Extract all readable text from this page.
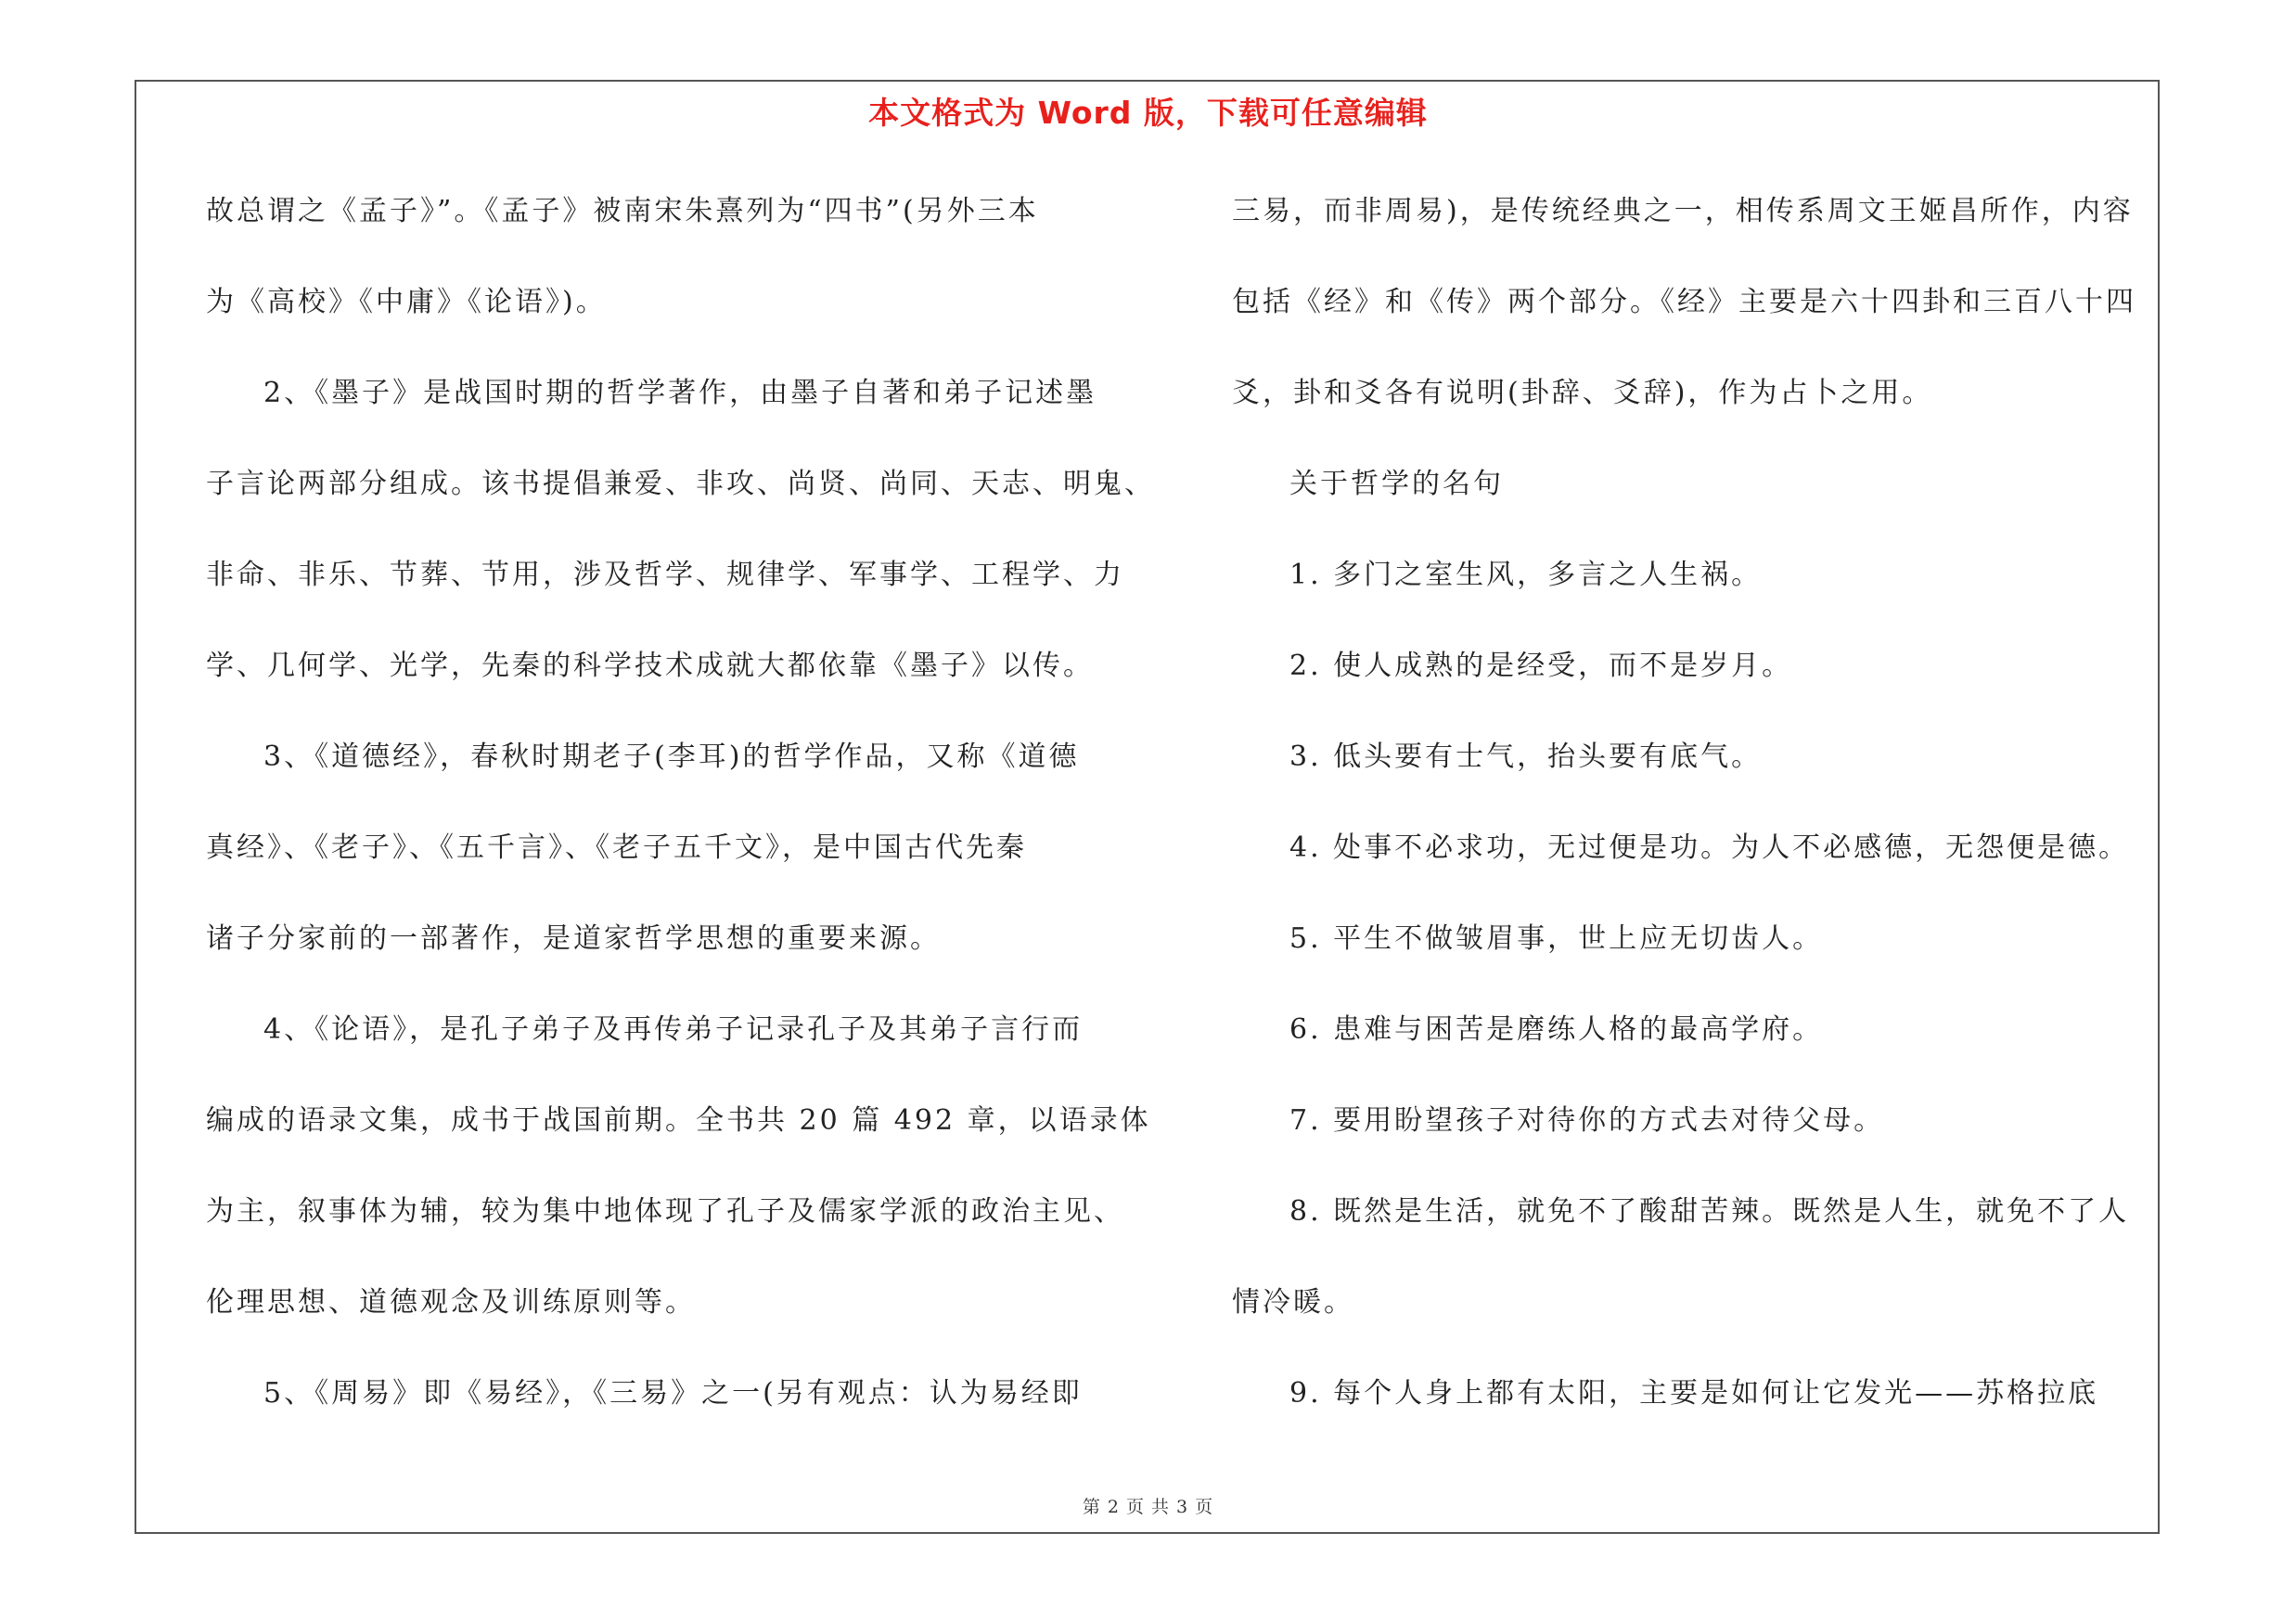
本文格式为 Word 版，下载可任意编辑
故总谓之《孟子》”。《孟子》被南宋朱熹列为“四书”(另外三本
为《高校》《中庸》《论语》)。
2、《墨子》是战国时期的哲学著作，由墨子自著和弟子记述墨
子言论两部分组成。该书提倡兼爱、非攻、尚贤、尚同、天志、明鬼、
非命、非乐、节葬、节用，涉及哲学、规律学、军事学、工程学、力
学、几何学、光学，先秦的科学技术成就大都依靠《墨子》以传。
3、《道德经》，春秋时期老子(李耳)的哲学作品，又称《道德
真经》、《老子》、《五千言》、《老子五千文》，是中国古代先秦
诸子分家前的一部著作，是道家哲学思想的重要来源。
4、《论语》，是孔子弟子及再传弟子记录孔子及其弟子言行而
编成的语录文集，成书于战国前期。全书共 20 篇 492 章，以语录体
为主，叙事体为辅，较为集中地体现了孔子及儒家学派的政治主见、
伦理思想、道德观念及训练原则等。
5、《周易》即《易经》，《三易》之一(另有观点：认为易经即
三易，而非周易)，是传统经典之一，相传系周文王姬昌所作，内容
包括《经》和《传》两个部分。《经》主要是六十四卦和三百八十四
爻，卦和爻各有说明(卦辞、爻辞)，作为占卜之用。
关于哲学的名句
1. 多门之室生风，多言之人生祸。
2. 使人成熟的是经受，而不是岁月。
3. 低头要有士气，抬头要有底气。
4. 处事不必求功，无过便是功。为人不必感德，无怨便是德。
5. 平生不做皱眉事，世上应无切齿人。
6. 患难与困苦是磨练人格的最高学府。
7. 要用盼望孩子对待你的方式去对待父母。
8. 既然是生活，就免不了酸甜苦辣。既然是人生，就免不了人
情冷暖。
9. 每个人身上都有太阳，主要是如何让它发光——苏格拉底
第 2 页 共 3 页
